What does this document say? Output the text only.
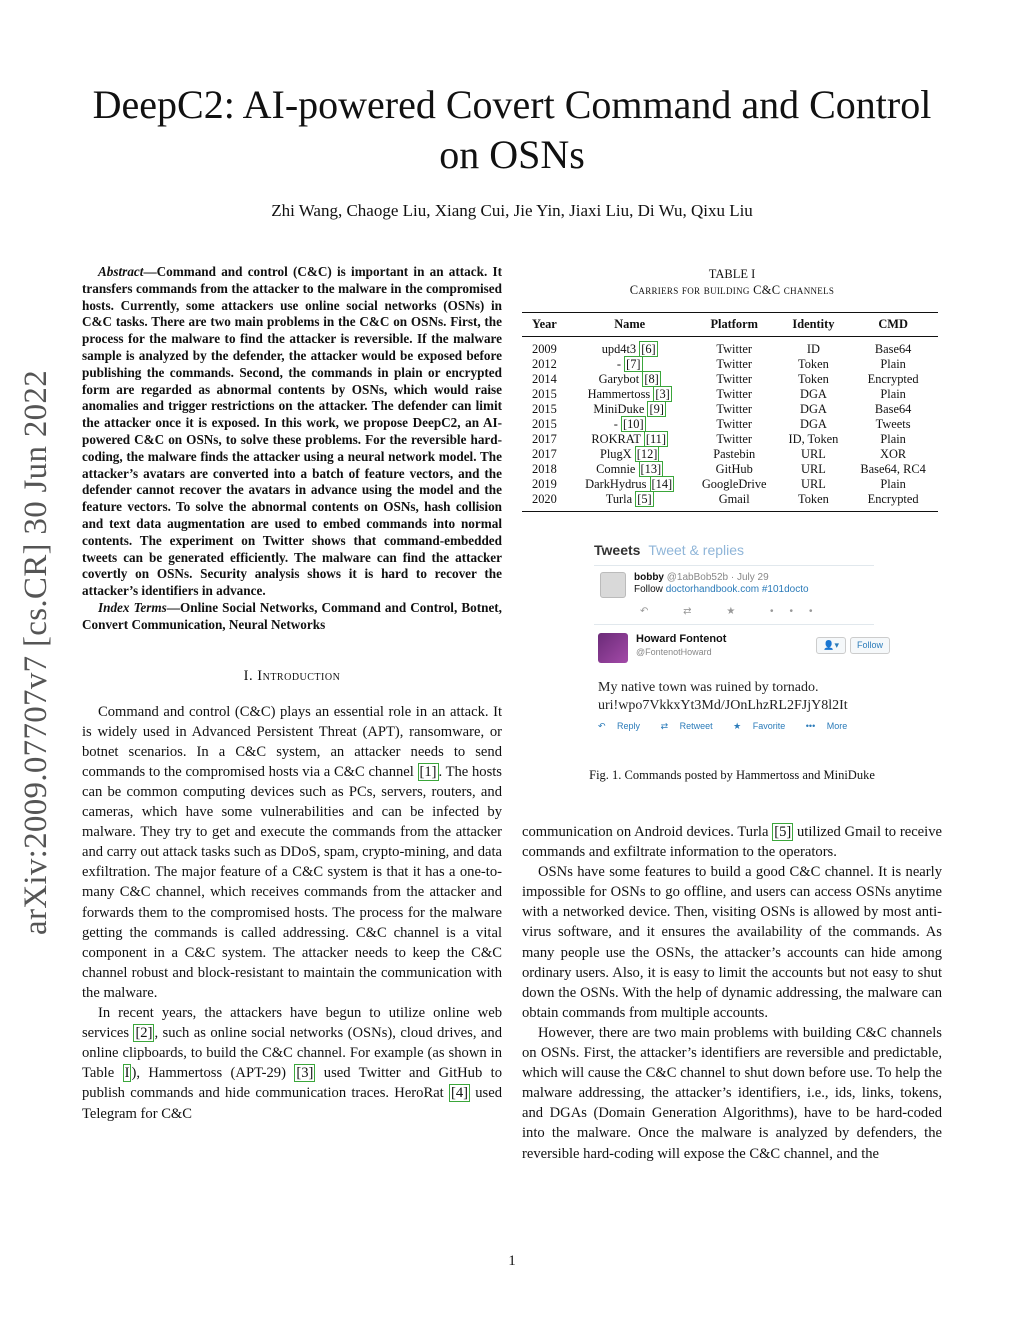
arXiv:2009.07707v7 [cs.CR] 30 Jun 2022
DeepC2: AI-powered Covert Command and Control
on OSNs
Zhi Wang, Chaoge Liu, Xiang Cui, Jie Yin, Jiaxi Liu, Di Wu, Qixu Liu
Abstract—Command and control (C&C) is important in an attack. It transfers commands from the attacker to the malware in the compromised hosts. Currently, some attackers use online social networks (OSNs) in C&C tasks. There are two main problems in the C&C on OSNs. First, the process for the malware to find the attacker is reversible. If the malware sample is analyzed by the defender, the attacker would be exposed before publishing the commands. Second, the commands in plain or encrypted form are regarded as abnormal contents by OSNs, which would raise anomalies and trigger restrictions on the attacker. The defender can limit the attacker once it is exposed. In this work, we propose DeepC2, an AI-powered C&C on OSNs, to solve these problems. For the reversible hard-coding, the malware finds the attacker using a neural network model. The attacker’s avatars are converted into a batch of feature vectors, and the defender cannot recover the avatars in advance using the model and the feature vectors. To solve the abnormal contents on OSNs, hash collision and text data augmentation are used to embed commands into normal contents. The experiment on Twitter shows that command-embedded tweets can be generated efficiently. The malware can find the attacker covertly on OSNs. Security analysis shows it is hard to recover the attacker’s identifiers in advance.
Index Terms—Online Social Networks, Command and Control, Botnet, Convert Communication, Neural Networks
I. Introduction

Command and control (C&C) plays an essential role in an attack. It is widely used in Advanced Persistent Threat (APT), ransomware, or botnet scenarios. In a C&C system, an attacker needs to send commands to the compromised hosts via a C&C channel [1] . The hosts can be common computing devices such as PCs, servers, routers, and cameras, which have some vulnerabilities and can be infected by malware. They try to get and execute the commands from the attacker and carry out attack tasks such as DDoS, spam, crypto-mining, and data exfiltration. The major feature of a C&C system is that it has a one-to-many C&C channel, which receives commands from the attacker and forwards them to the compromised hosts. The process for the malware getting the commands is called addressing. C&C channel is a vital component in a C&C system. The attacker needs to keep the C&C channel robust and block-resistant to maintain the communication with the malware.

In recent years, the attackers have begun to utilize online web services [2] , such as online social networks (OSNs), cloud drives, and online clipboards, to build the C&C channel. For example (as shown in Table I ), Hammertoss (APT-29) [3] used Twitter and GitHub to publish commands and hide communication traces. HeroRat [4] used Telegram for C&C

TABLE I
Carriers for building C&C channels
Year	Name	Platform	Identity	CMD
2009	upd4t3 [6]	Twitter	ID	Base64
2012	- [7]	Twitter	Token	Plain
2014	Garybot [8]	Twitter	Token	Encrypted
2015	Hammertoss [3]	Twitter	DGA	Plain
2015	MiniDuke [9]	Twitter	DGA	Base64
2015	- [10]	Twitter	DGA	Tweets
2017	ROKRAT [11]	Twitter	ID, Token	Plain
2017	PlugX [12]	Pastebin	URL	XOR
2018	Comnie [13]	GitHub	URL	Base64, RC4
2019	DarkHydrus [14]	GoogleDrive	URL	Plain
2020	Turla [5]	Gmail	Token	Encrypted
Tweets Tweet & replies
bobby @1abBob52b · July 29
Follow doctorhandbook.com #101docto
↶ ⇄ ★ •••
Howard Fontenot
@FontenotHoward
👤▾	Follow
My native town was ruined by tornado.
uri!wpo7VkkxYt3Md/JOnLhzRL2FJjY8l2It
↶ Reply ⇄ Retweet ★ Favorite ••• More
Fig. 1. Commands posted by Hammertoss and MiniDuke

communication on Android devices. Turla [5] utilized Gmail to receive commands and exfiltrate information to the operators.

OSNs have some features to build a good C&C channel. It is nearly impossible for OSNs to go offline, and users can access OSNs anytime with a networked device. Then, visiting OSNs is allowed by most anti-virus software, and it ensures the availability of the commands. As many people use the OSNs, the attacker’s accounts can hide among ordinary users. Also, it is easy to limit the accounts but not easy to shut down the OSNs. With the help of dynamic addressing, the malware can obtain commands from multiple accounts.

However, there are two main problems with building C&C channels on OSNs. First, the attacker’s identifiers are reversible and predictable, which will cause the C&C channel to shut down before use. To help the malware addressing, the attacker’s identifiers, i.e., ids, links, tokens, and DGAs (Domain Generation Algorithms), have to be hard-coded into the malware. Once the malware is analyzed by defenders, the reversible hard-coding will expose the C&C channel, and the

1
